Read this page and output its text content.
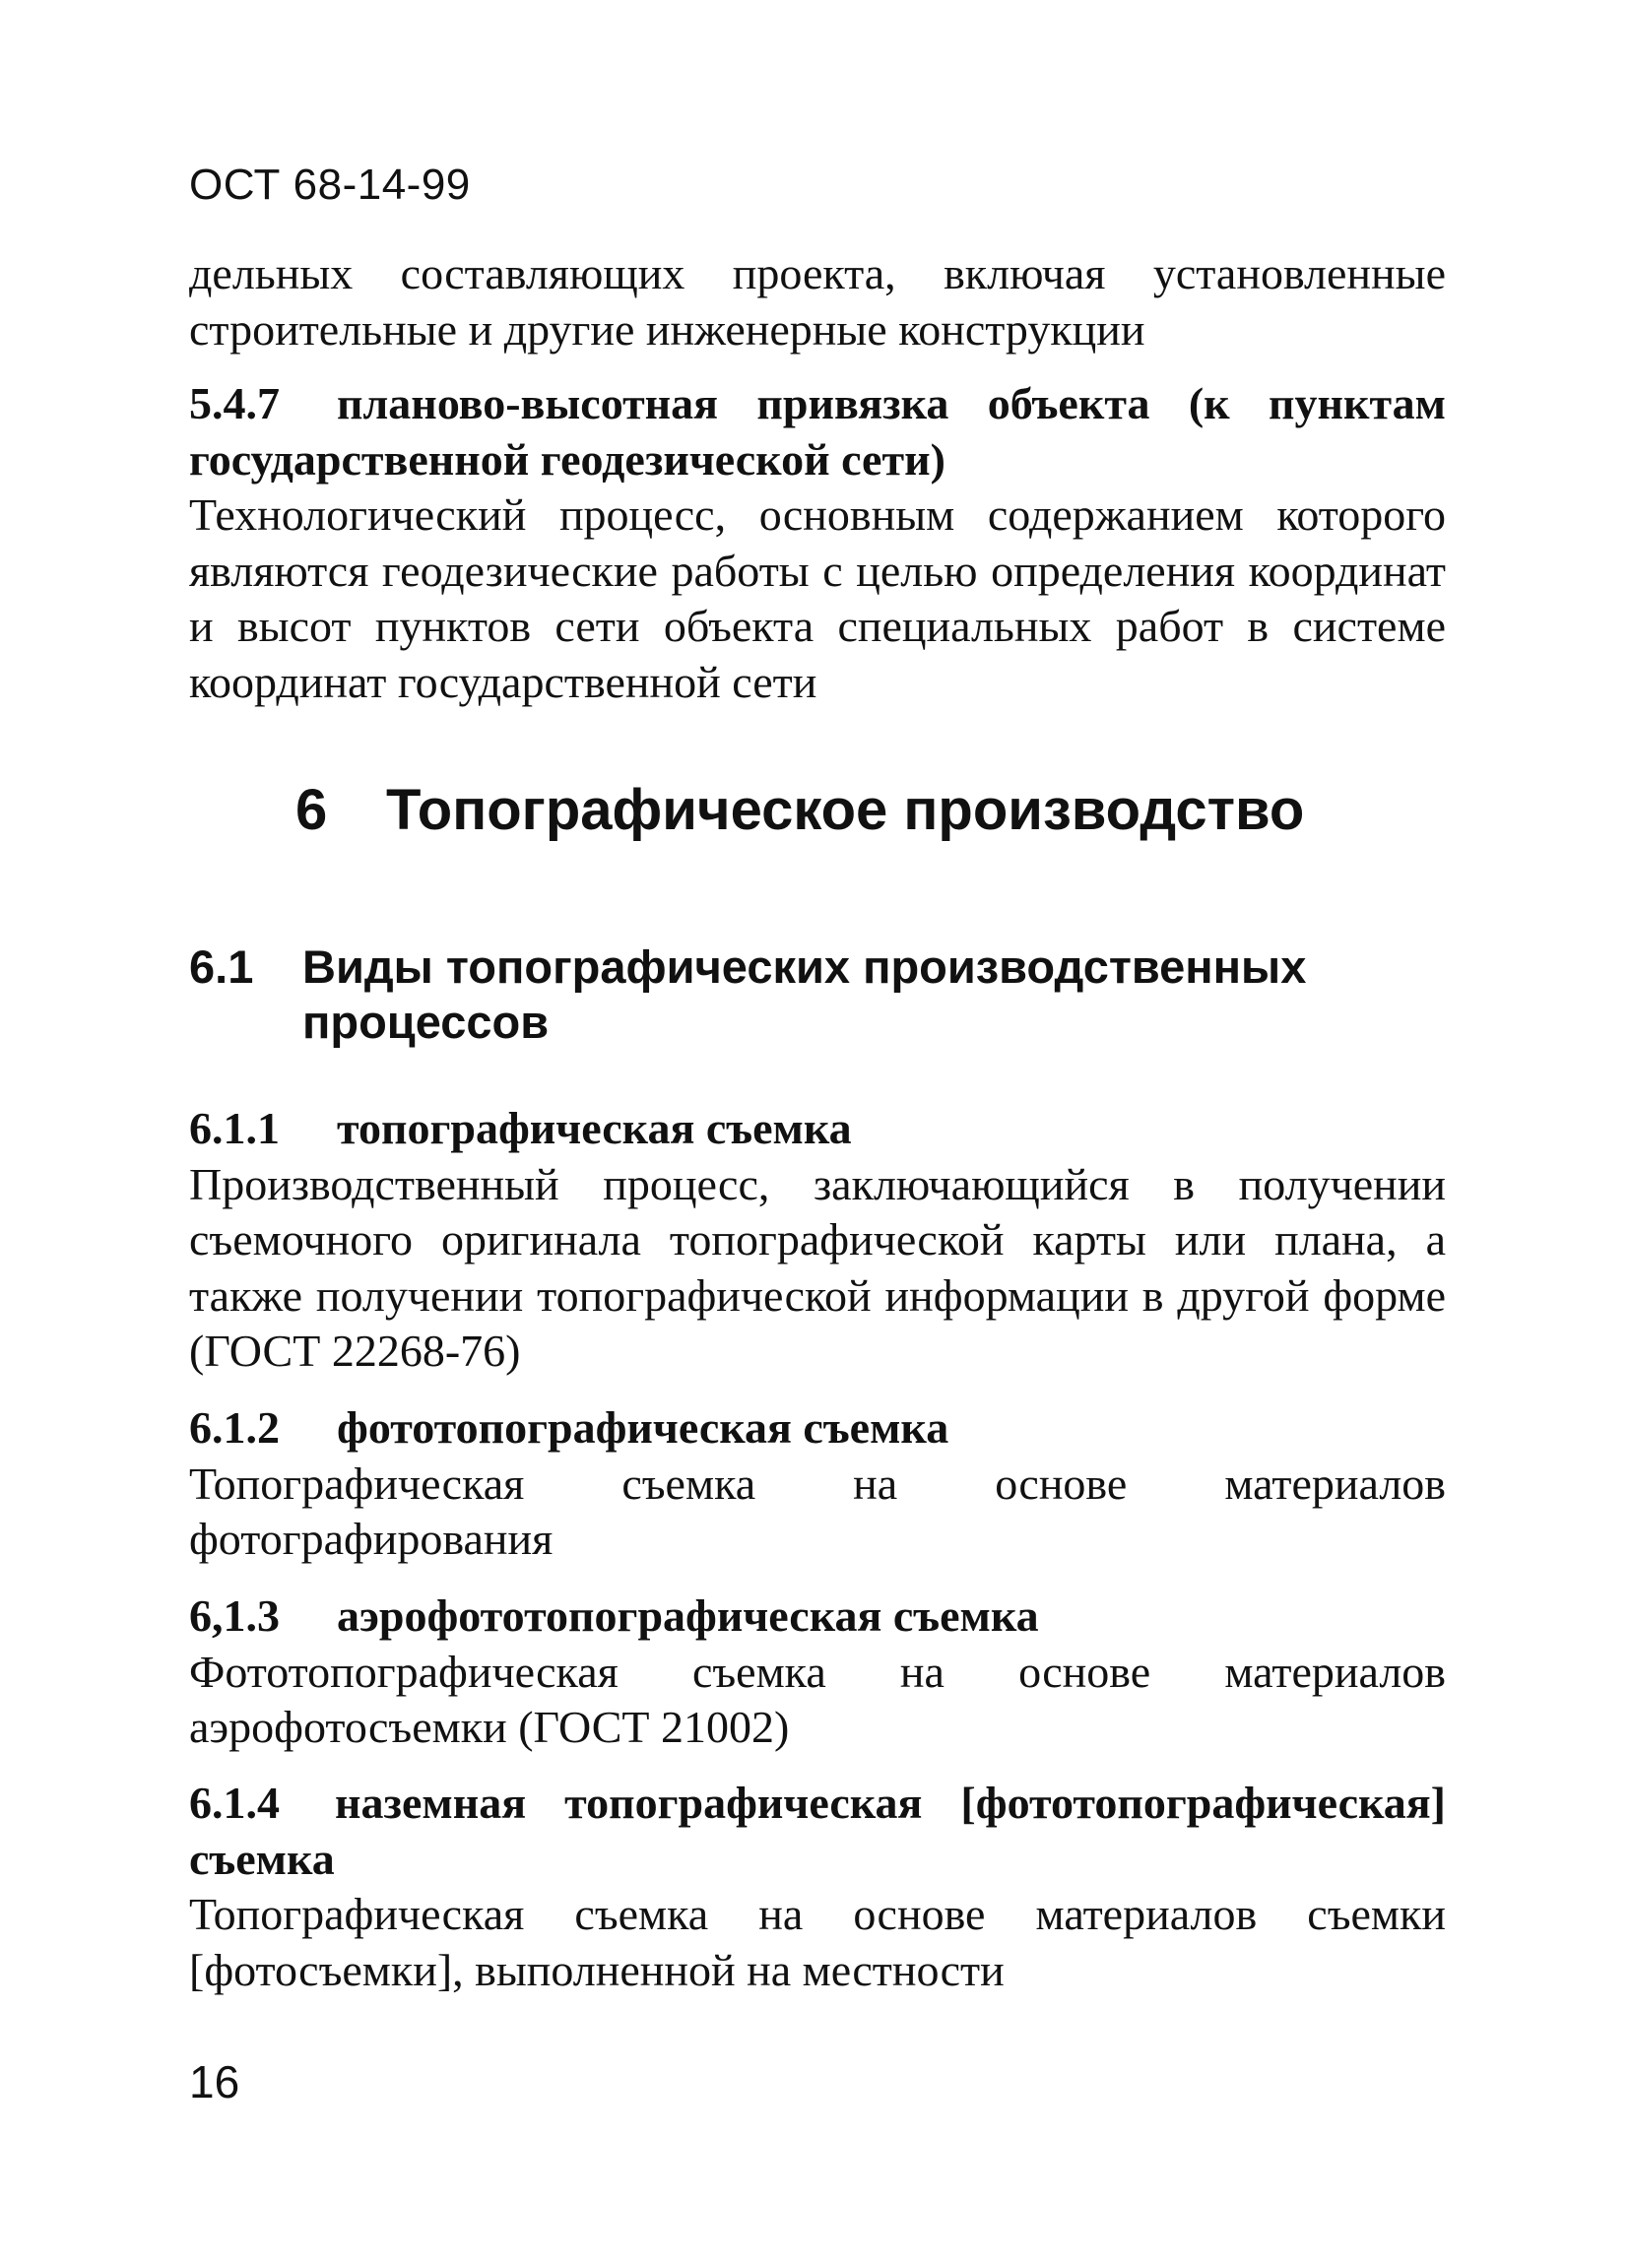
ОСТ 68-14-99

дельных составляющих проекта, включая установленные строительные и другие инженерные конструкции

5.4.7 планово-высотная привязка объекта (к пунктам государственной геодезической сети)

Технологический процесс, основным содержанием которого являются геодезические работы с целью определения координат и высот пунктов сети объекта специальных работ в системе координат государственной сети

6 Топографическое производство
6.1 Виды топографических производственных процессов

6.1.1 топографическая съемка

Производственный процесс, заключающийся в получении съемочного оригинала топографической карты или плана, а также получении топографической информации в другой форме (ГОСТ 22268-76)

6.1.2 фототопографическая съемка

Топографическая съемка на основе материалов фотографирования

6,1.3 аэрофототопографическая съемка

Фототопографическая съемка на основе материалов аэрофотосъемки (ГОСТ 21002)

6.1.4 наземная топографическая [фототопографическая] съемка

Топографическая съемка на основе материалов съемки [фотосъемки], выполненной на местности

16
